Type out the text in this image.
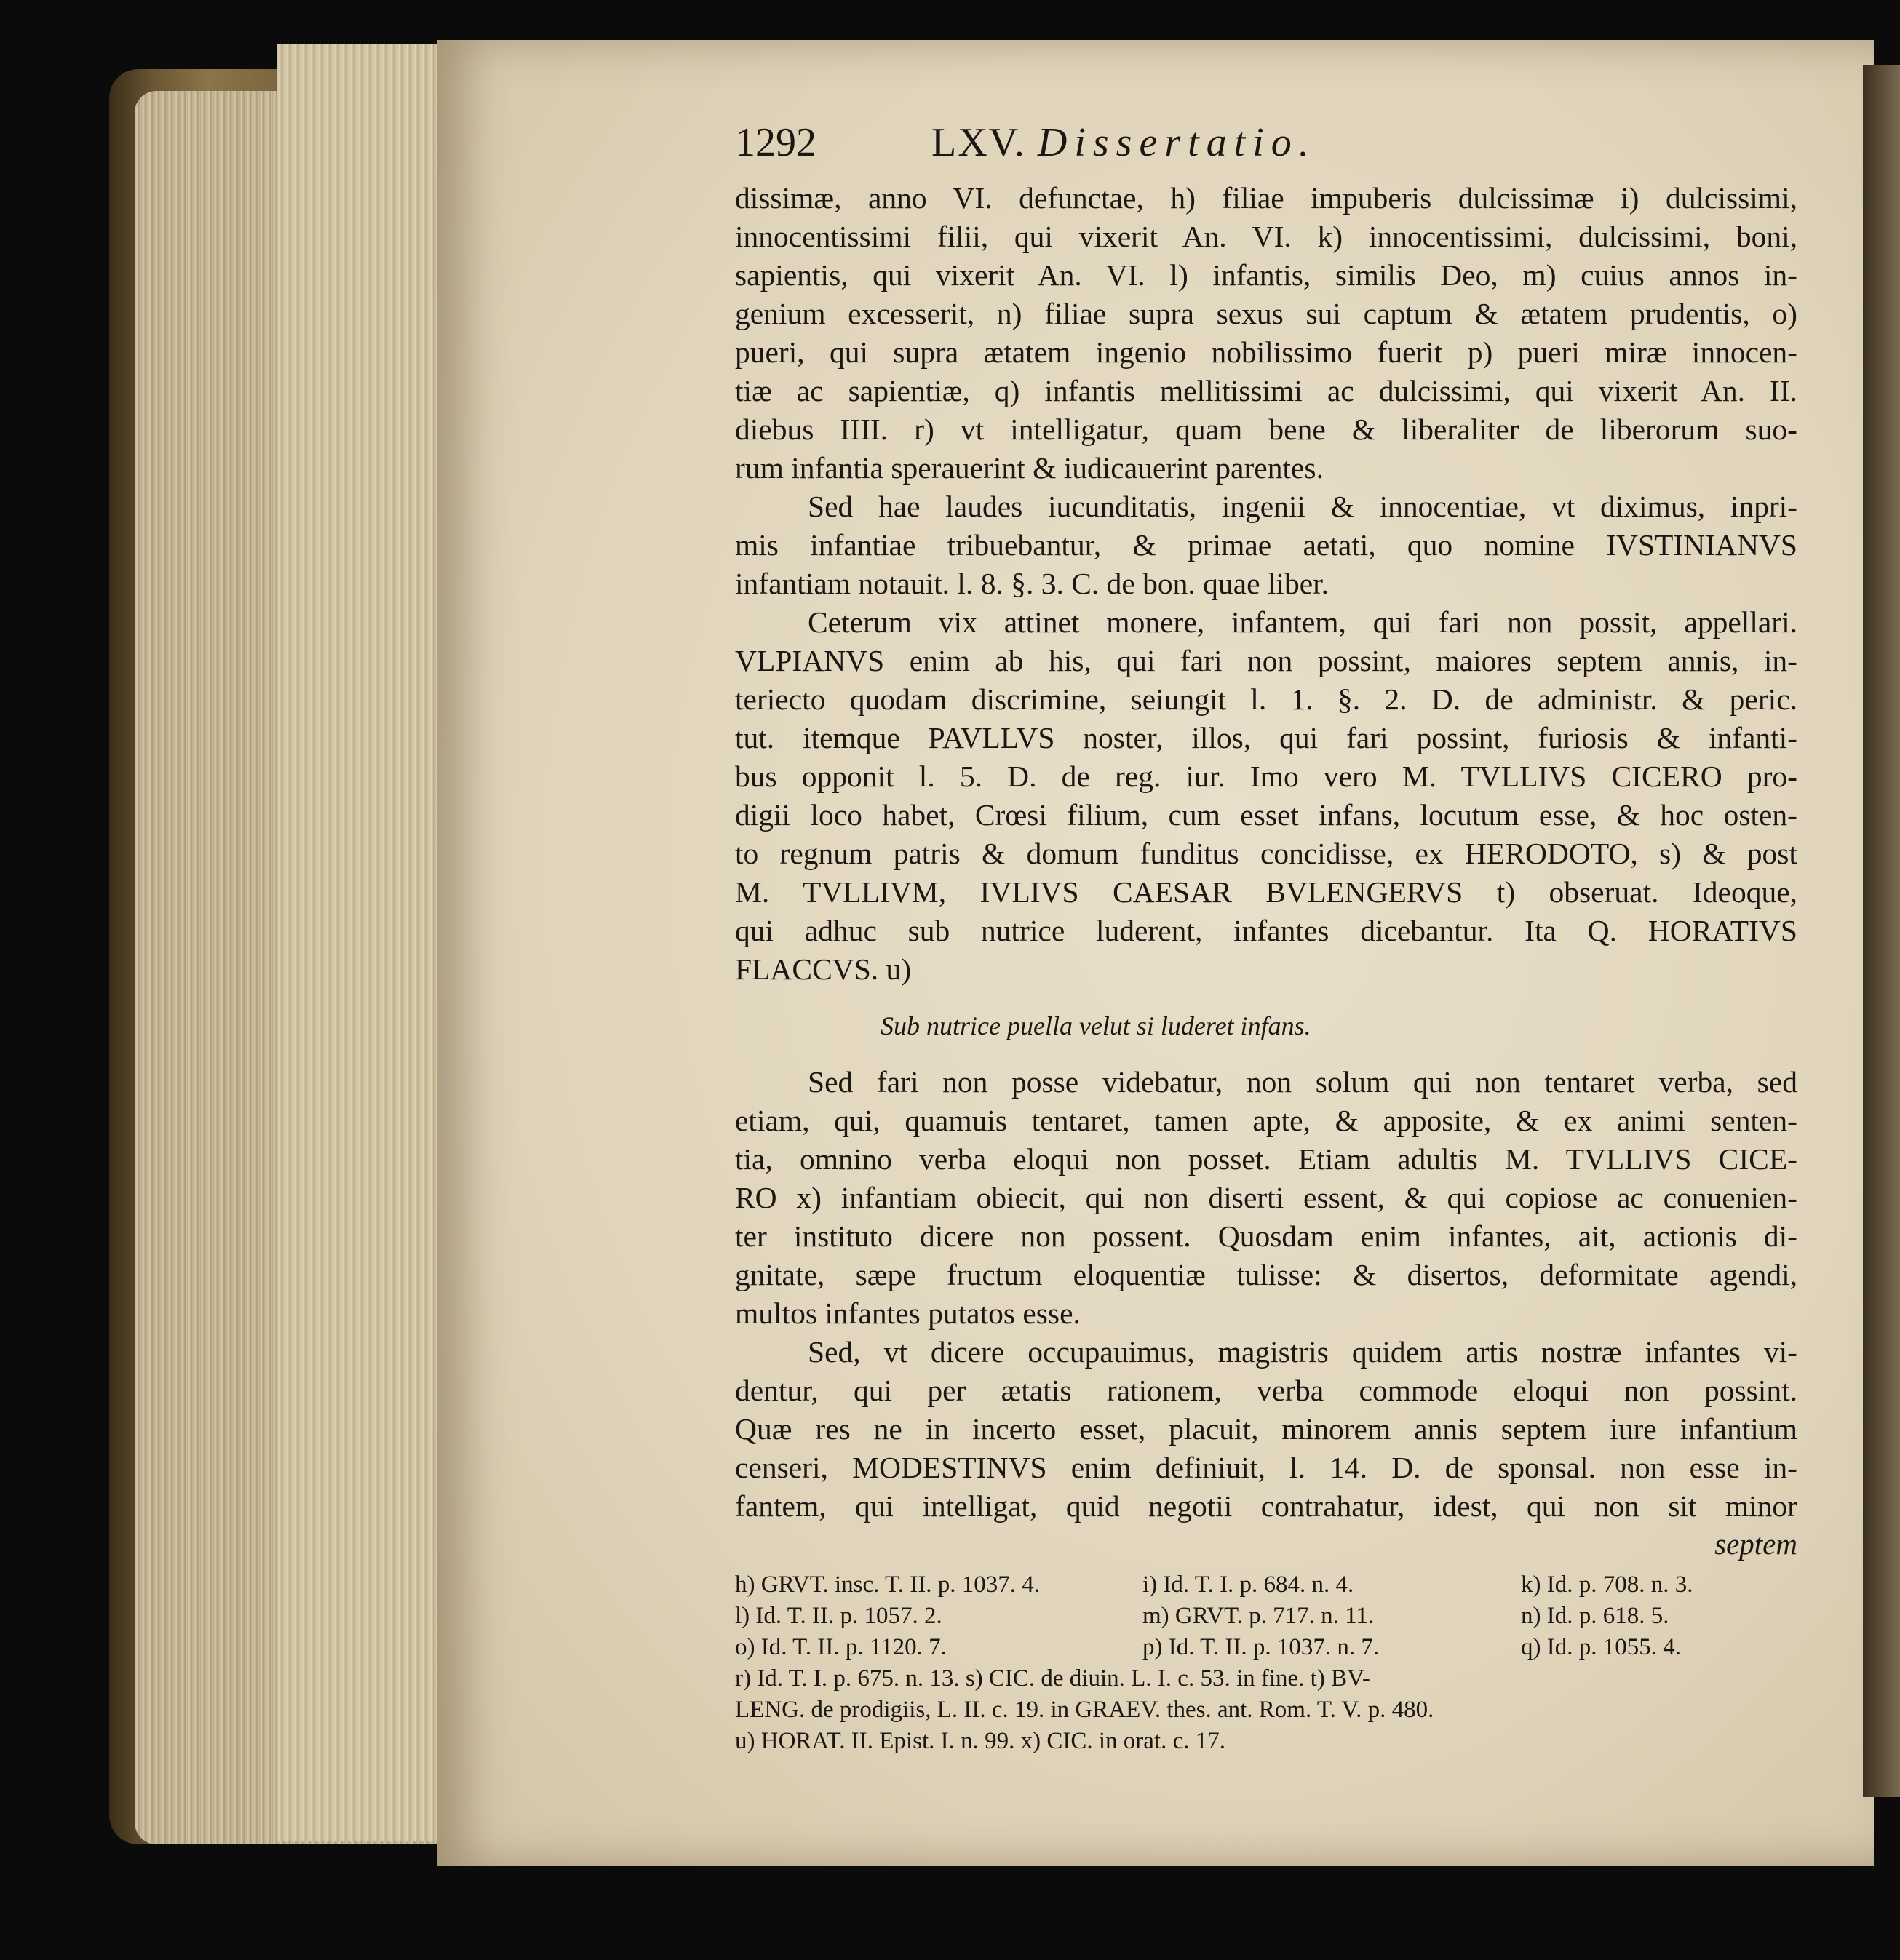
1292	LXV. Dissertatio.
dissimæ, anno VI. defunctae, h) filiae impuberis dulcissimæ i) dulcissimi,
innocentissimi filii, qui vixerit An. VI. k) innocentissimi, dulcissimi, boni,
sapientis, qui vixerit An. VI. l) infantis, similis Deo, m) cuius annos in-
genium excesserit, n) filiae supra sexus sui captum & ætatem prudentis, o)
pueri, qui supra ætatem ingenio nobilissimo fuerit p) pueri miræ innocen-
tiæ ac sapientiæ, q) infantis mellitissimi ac dulcissimi, qui vixerit An. II.
diebus IIII. r) vt intelligatur, quam bene & liberaliter de liberorum suo-
rum infantia sperauerint & iudicauerint parentes.
Sed hae laudes iucunditatis, ingenii & innocentiae, vt diximus, inpri-
mis infantiae tribuebantur, & primae aetati, quo nomine IVSTINIANVS
infantiam notauit. l. 8. §. 3. C. de bon. quae liber.
Ceterum vix attinet monere, infantem, qui fari non possit, appellari.
VLPIANVS enim ab his, qui fari non possint, maiores septem annis, in-
teriecto quodam discrimine, seiungit l. 1. §. 2. D. de administr. & peric.
tut. itemque PAVLLVS noster, illos, qui fari possint, furiosis & infanti-
bus opponit l. 5. D. de reg. iur. Imo vero M. TVLLIVS CICERO pro-
digii loco habet, Crœsi filium, cum esset infans, locutum esse, & hoc osten-
to regnum patris & domum funditus concidisse, ex HERODOTO, s) & post
M. TVLLIVM, IVLIVS CAESAR BVLENGERVS t) obseruat. Ideoque,
qui adhuc sub nutrice luderent, infantes dicebantur. Ita Q. HORATIVS
FLACCVS. u)
Sub nutrice puella velut si luderet infans.
Sed fari non posse videbatur, non solum qui non tentaret verba, sed
etiam, qui, quamuis tentaret, tamen apte, & apposite, & ex animi senten-
tia, omnino verba eloqui non posset. Etiam adultis M. TVLLIVS CICE-
RO x) infantiam obiecit, qui non diserti essent, & qui copiose ac conuenien-
ter instituto dicere non possent. Quosdam enim infantes, ait, actionis di-
gnitate, sæpe fructum eloquentiæ tulisse: & disertos, deformitate agendi,
multos infantes putatos esse.
Sed, vt dicere occupauimus, magistris quidem artis nostræ infantes vi-
dentur, qui per ætatis rationem, verba commode eloqui non possint.
Quæ res ne in incerto esset, placuit, minorem annis septem iure infantium
censeri, MODESTINVS enim definiuit, l. 14. D. de sponsal. non esse in-
fantem, qui intelligat, quid negotii contrahatur, idest, qui non sit minor
septem
h) GRVT. insc. T. II. p. 1037. 4.	i) Id. T. I. p. 684. n. 4.	k) Id. p. 708. n. 3.
l) Id. T. II. p. 1057. 2.	m) GRVT. p. 717. n. 11.	n) Id. p. 618. 5.
o) Id. T. II. p. 1120. 7.	p) Id. T. II. p. 1037. n. 7.	q) Id. p. 1055. 4.
r) Id. T. I. p. 675. n. 13. s) CIC. de diuin. L. I. c. 53. in fine. t) BV-
LENG. de prodigiis, L. II. c. 19. in GRAEV. thes. ant. Rom. T. V. p. 480.
u) HORAT. II. Epist. I. n. 99. x) CIC. in orat. c. 17.
